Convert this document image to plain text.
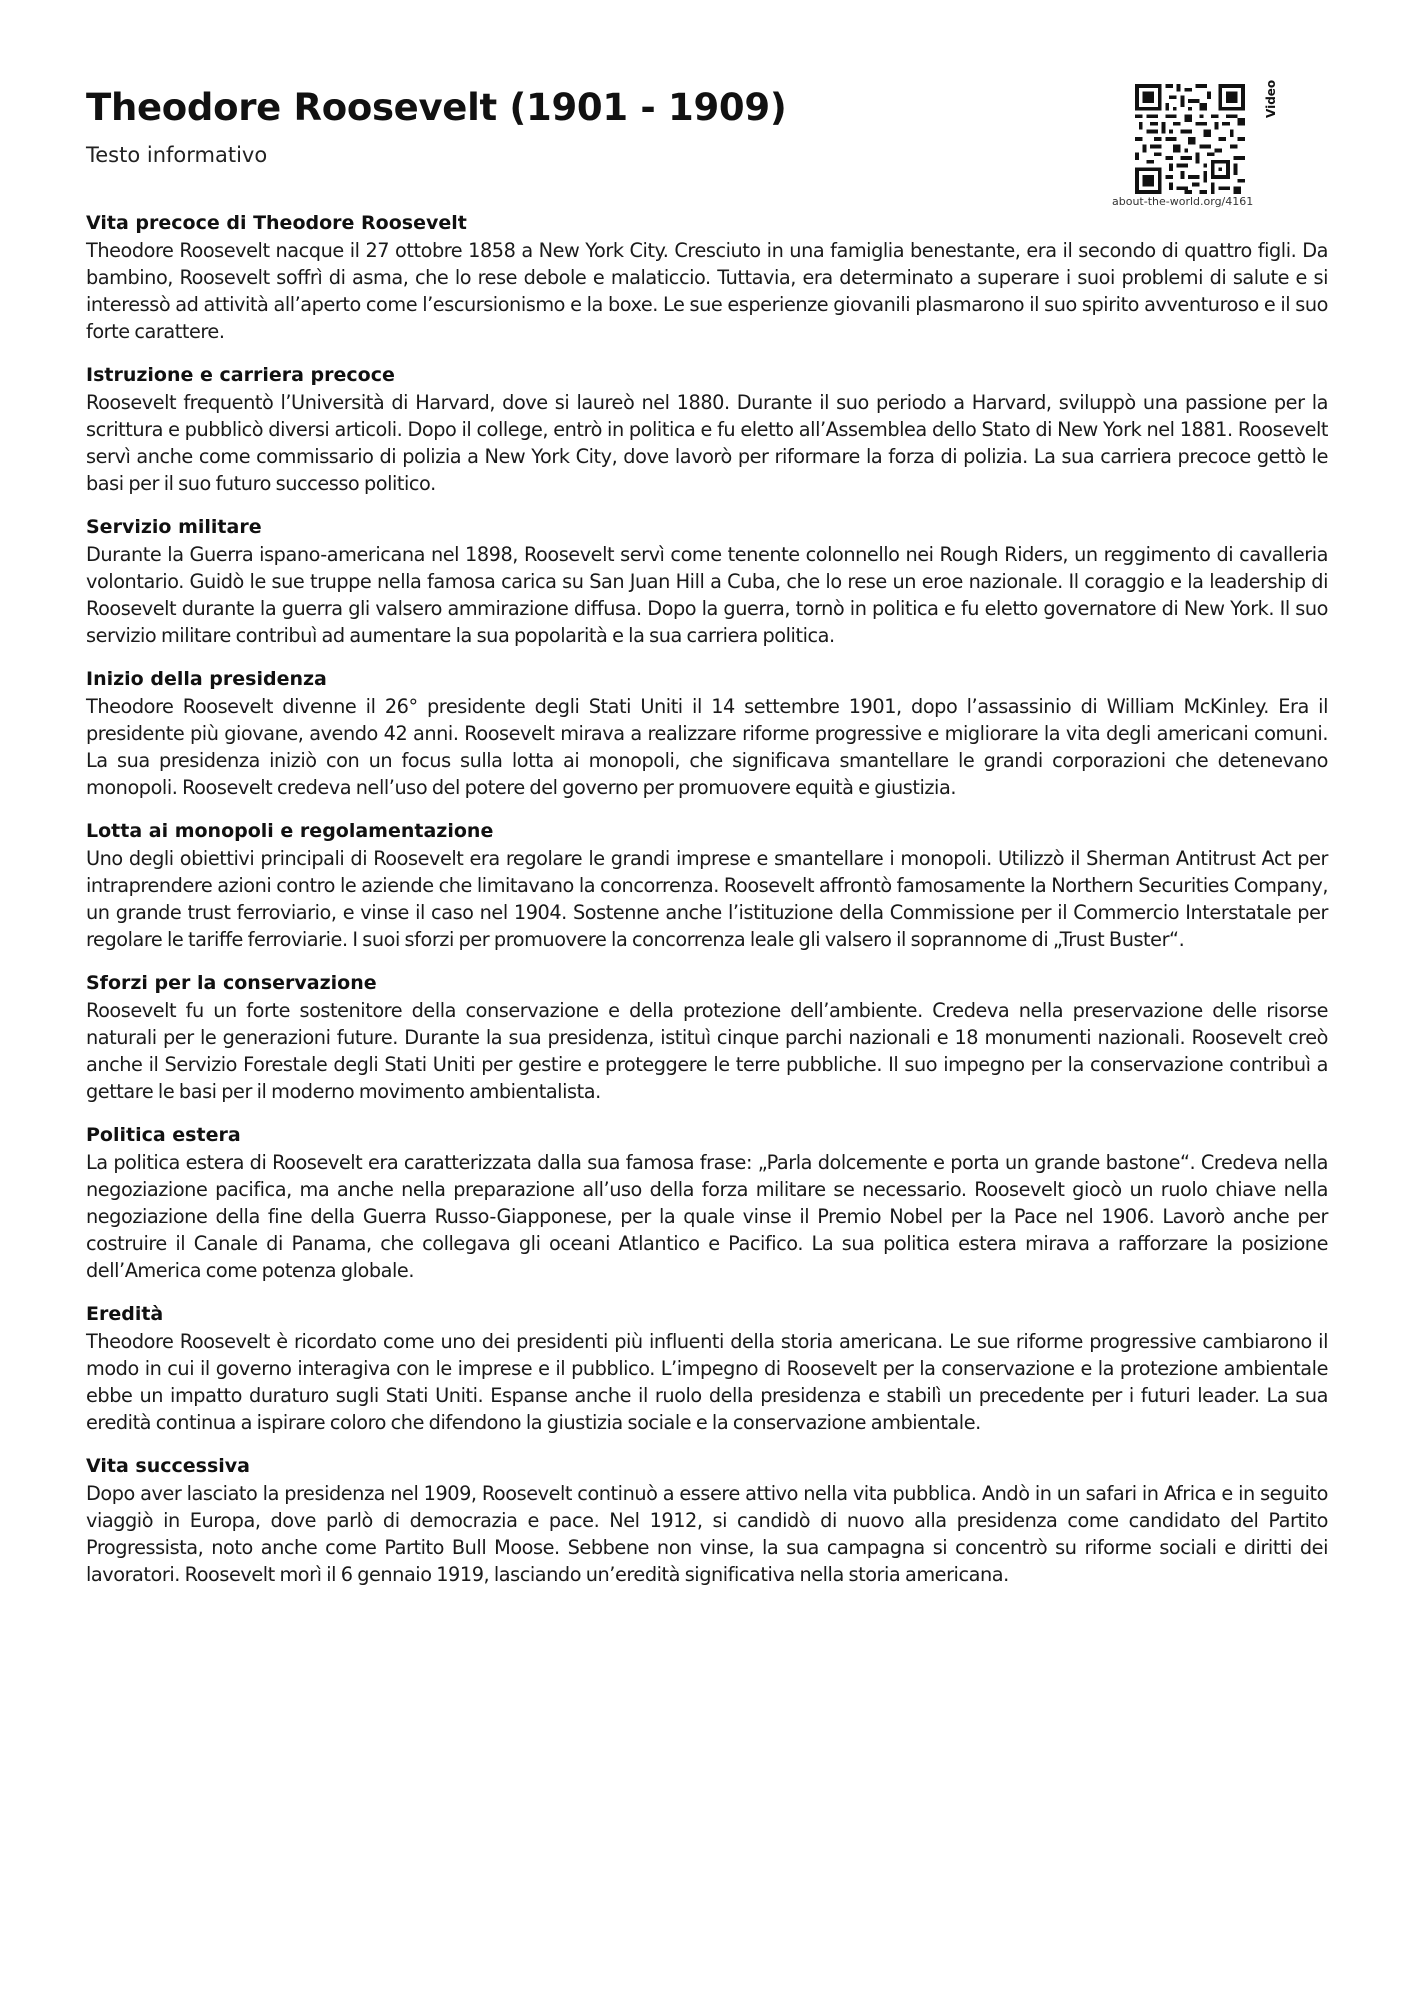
Theodore Roosevelt (1901 - 1909)
Testo informativo
about-the-world.org/4161
Video
Vita precoce di Theodore Roosevelt

Theodore Roosevelt nacque il 27 ottobre 1858 a New York City. Cresciuto in una famiglia benestante, era il secondo di quattro figli. Da bambino, Roosevelt soffrì di asma, che lo rese debole e malaticcio. Tuttavia, era determinato a superare i suoi problemi di salute e si interessò ad attività all’aperto come l’escursionismo e la boxe. Le sue esperienze giovanili plasmarono il suo spirito avventuroso e il suo forte carattere.

Istruzione e carriera precoce

Roosevelt frequentò l’Università di Harvard, dove si laureò nel 1880. Durante il suo periodo a Harvard, sviluppò una passione per la scrittura e pubblicò diversi articoli. Dopo il college, entrò in politica e fu eletto all’Assemblea dello Stato di New York nel 1881. Roosevelt servì anche come commissario di polizia a New York City, dove lavorò per riformare la forza di polizia. La sua carriera precoce gettò le basi per il suo futuro successo politico.

Servizio militare

Durante la Guerra ispano-americana nel 1898, Roosevelt servì come tenente colonnello nei Rough Riders, un reggimento di cavalleria volontario. Guidò le sue truppe nella famosa carica su San Juan Hill a Cuba, che lo rese un eroe nazionale. Il coraggio e la leadership di Roosevelt durante la guerra gli valsero ammirazione diffusa. Dopo la guerra, tornò in politica e fu eletto governatore di New York. Il suo servizio militare contribuì ad aumentare la sua popolarità e la sua carriera politica.

Inizio della presidenza

Theodore Roosevelt divenne il 26° presidente degli Stati Uniti il 14 settembre 1901, dopo l’assassinio di William McKinley. Era il presidente più giovane, avendo 42 anni. Roosevelt mirava a realizzare riforme progressive e migliorare la vita degli americani comuni. La sua presidenza iniziò con un focus sulla lotta ai monopoli, che significava smantellare le grandi corporazioni che detenevano monopoli. Roosevelt credeva nell’uso del potere del governo per promuovere equità e giustizia.

Lotta ai monopoli e regolamentazione

Uno degli obiettivi principali di Roosevelt era regolare le grandi imprese e smantellare i monopoli. Utilizzò il Sherman Antitrust Act per intraprendere azioni contro le aziende che limitavano la concorrenza. Roosevelt affrontò famosamente la Northern Securities Company, un grande trust ferroviario, e vinse il caso nel 1904. Sostenne anche l’istituzione della Commissione per il Commercio Interstatale per regolare le tariffe ferroviarie. I suoi sforzi per promuovere la concorrenza leale gli valsero il soprannome di „Trust Buster“.

Sforzi per la conservazione

Roosevelt fu un forte sostenitore della conservazione e della protezione dell’ambiente. Credeva nella preservazione delle risorse naturali per le generazioni future. Durante la sua presidenza, istituì cinque parchi nazionali e 18 monumenti nazionali. Roosevelt creò anche il Servizio Forestale degli Stati Uniti per gestire e proteggere le terre pubbliche. Il suo impegno per la conservazione contribuì a gettare le basi per il moderno movimento ambientalista.

Politica estera

La politica estera di Roosevelt era caratterizzata dalla sua famosa frase: „Parla dolcemente e porta un grande bastone“. Credeva nella negoziazione pacifica, ma anche nella preparazione all’uso della forza militare se necessario. Roosevelt giocò un ruolo chiave nella negoziazione della fine della Guerra Russo-Giapponese, per la quale vinse il Premio Nobel per la Pace nel 1906. Lavorò anche per costruire il Canale di Panama, che collegava gli oceani Atlantico e Pacifico. La sua politica estera mirava a rafforzare la posizione dell’America come potenza globale.

Eredità

Theodore Roosevelt è ricordato come uno dei presidenti più influenti della storia americana. Le sue riforme progressive cambiarono il modo in cui il governo interagiva con le imprese e il pubblico. L’impegno di Roosevelt per la conservazione e la protezione ambientale ebbe un impatto duraturo sugli Stati Uniti. Espanse anche il ruolo della presidenza e stabilì un precedente per i futuri leader. La sua eredità continua a ispirare coloro che difendono la giustizia sociale e la conservazione ambientale.

Vita successiva

Dopo aver lasciato la presidenza nel 1909, Roosevelt continuò a essere attivo nella vita pubblica. Andò in un safari in Africa e in seguito viaggiò in Europa, dove parlò di democrazia e pace. Nel 1912, si candidò di nuovo alla presidenza come candidato del Partito Progressista, noto anche come Partito Bull Moose. Sebbene non vinse, la sua campagna si concentrò su riforme sociali e diritti dei lavoratori. Roosevelt morì il 6 gennaio 1919, lasciando un’eredità significativa nella storia americana.
